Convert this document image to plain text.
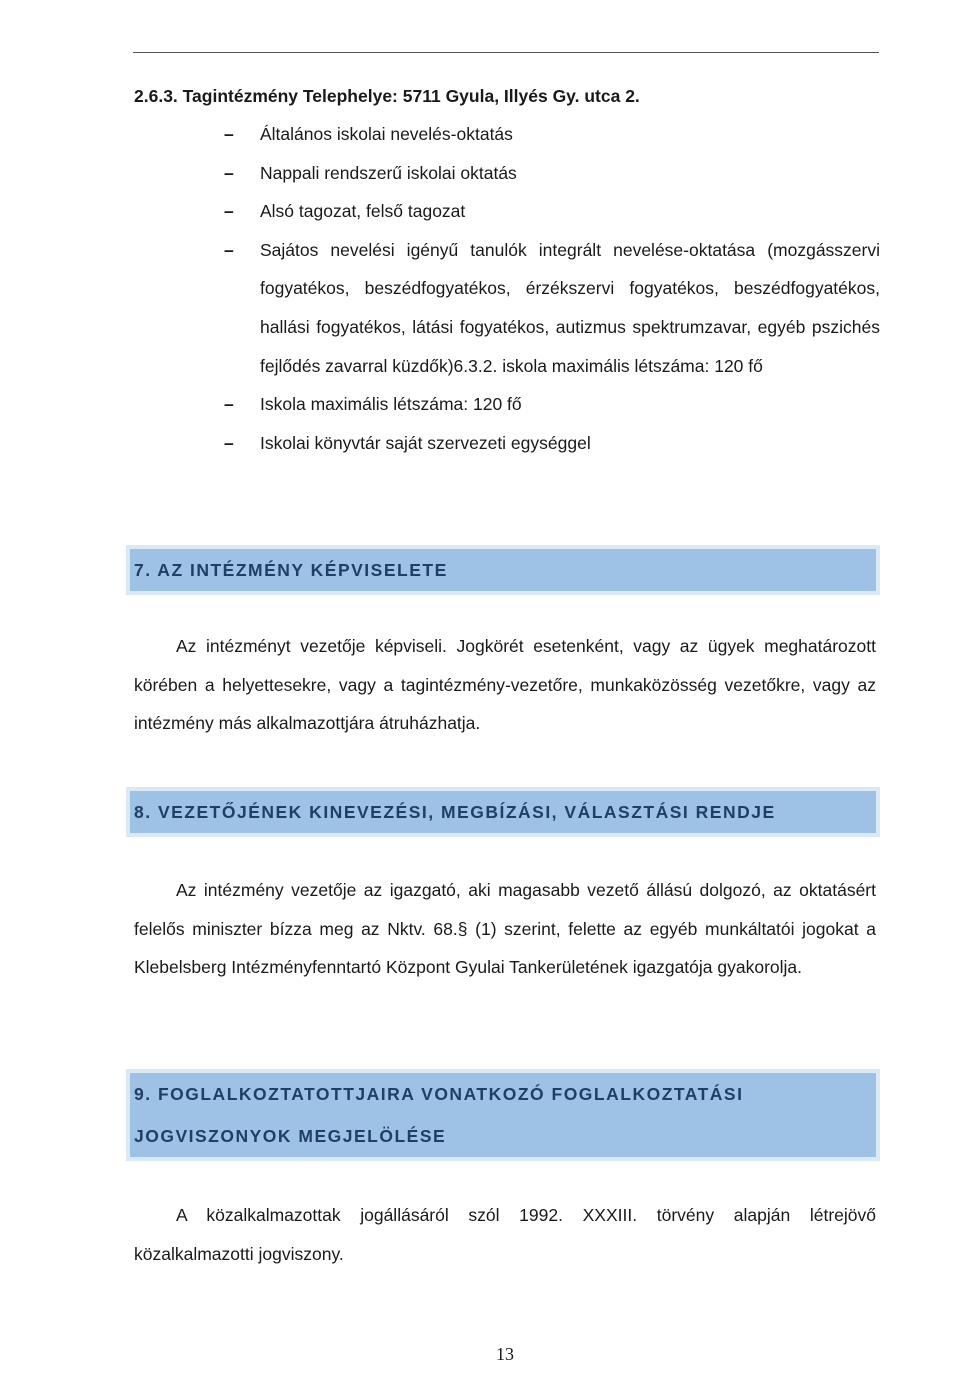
2.6.3. Tagintézmény Telephelye: 5711 Gyula, Illyés Gy. utca 2.
– Általános iskolai nevelés-oktatás
– Nappali rendszerű iskolai oktatás
– Alsó tagozat, felső tagozat
– Sajátos nevelési igényű tanulók integrált nevelése-oktatása (mozgásszervi fogyatékos, beszédfogyatékos, érzékszervi fogyatékos, beszédfogyatékos, hallási fogyatékos, látási fogyatékos, autizmus spektrumzavar, egyéb pszichés fejlődés zavarral küzdők)6.3.2. iskola maximális létszáma: 120 fő
– Iskola maximális létszáma: 120 fő
– Iskolai könyvtár saját szervezeti egységgel
7. AZ INTÉZMÉNY KÉPVISELETE

Az intézményt vezetője képviseli. Jogkörét esetenként, vagy az ügyek meghatározott körében a helyettesekre, vagy a tagintézmény-vezetőre, munkaközösség vezetőkre, vagy az intézmény más alkalmazottjára átruházhatja.

8. VEZETŐJÉNEK KINEVEZÉSI, MEGBÍZÁSI, VÁLASZTÁSI RENDJE

Az intézmény vezetője az igazgató, aki magasabb vezető állású dolgozó, az oktatásért felelős miniszter bízza meg az Nktv. 68.§ (1) szerint, felette az egyéb munkáltatói jogokat a Klebelsberg Intézményfenntartó Központ Gyulai Tankerületének igazgatója gyakorolja.

9. FOGLALKOZTATOTTJAIRA VONATKOZÓ FOGLALKOZTATÁSI JOGVISZONYOK MEGJELÖLÉSE

A közalkalmazottak jogállásáról szól 1992. XXXIII. törvény alapján létrejövő közalkalmazotti jogviszony.

13
